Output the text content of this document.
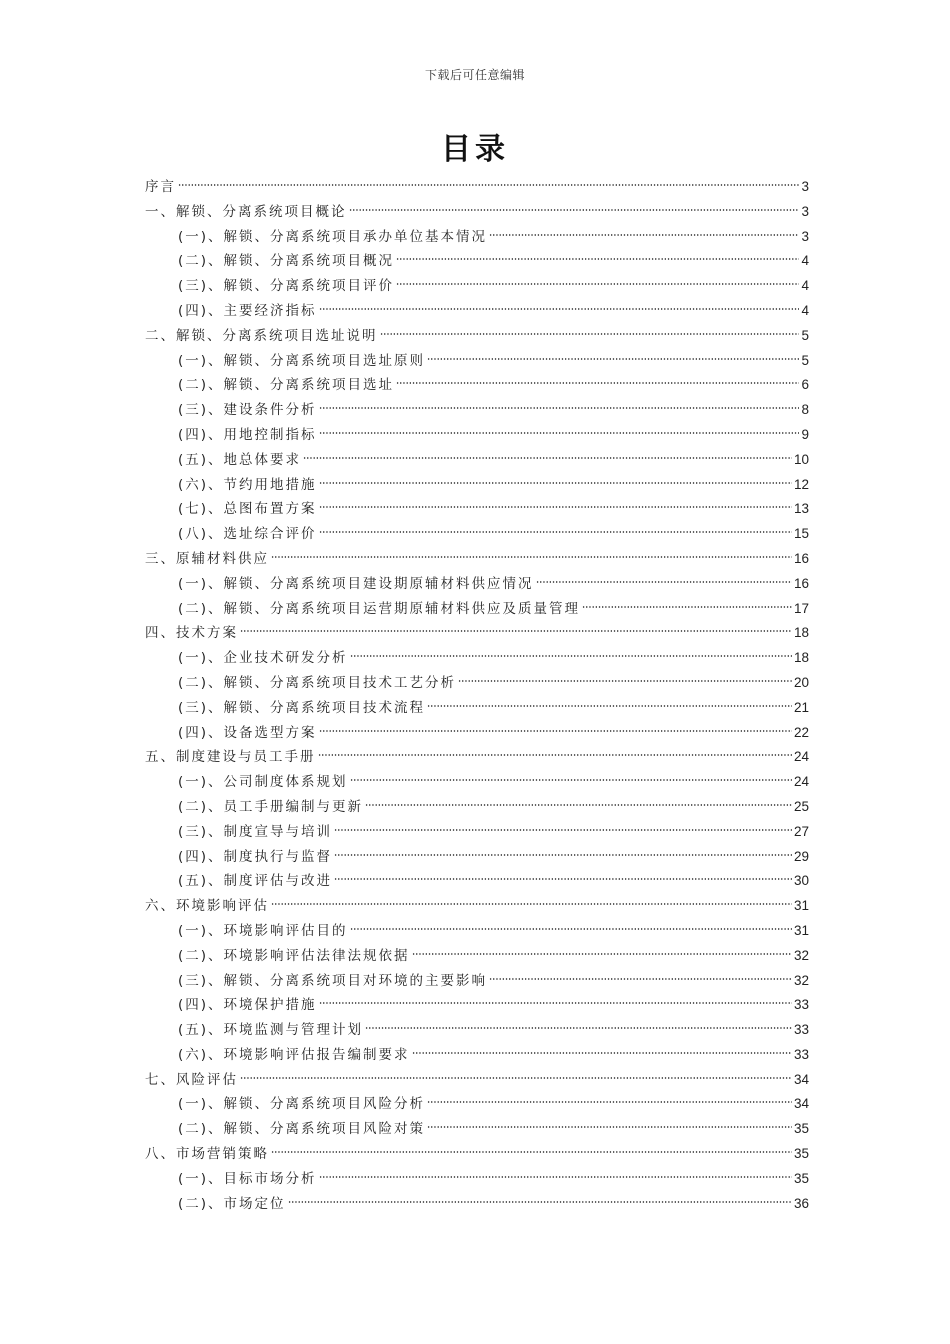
下载后可任意编辑
目录
序言	3
一、解锁、分离系统项目概论	3
(一)、解锁、分离系统项目承办单位基本情况	3
(二)、解锁、分离系统项目概况	4
(三)、解锁、分离系统项目评价	4
(四)、主要经济指标	4
二、解锁、分离系统项目选址说明	5
(一)、解锁、分离系统项目选址原则	5
(二)、解锁、分离系统项目选址	6
(三)、建设条件分析	8
(四)、用地控制指标	9
(五)、地总体要求	10
(六)、节约用地措施	12
(七)、总图布置方案	13
(八)、选址综合评价	15
三、原辅材料供应	16
(一)、解锁、分离系统项目建设期原辅材料供应情况	16
(二)、解锁、分离系统项目运营期原辅材料供应及质量管理	17
四、技术方案	18
(一)、企业技术研发分析	18
(二)、解锁、分离系统项目技术工艺分析	20
(三)、解锁、分离系统项目技术流程	21
(四)、设备选型方案	22
五、制度建设与员工手册	24
(一)、公司制度体系规划	24
(二)、员工手册编制与更新	25
(三)、制度宣导与培训	27
(四)、制度执行与监督	29
(五)、制度评估与改进	30
六、环境影响评估	31
(一)、环境影响评估目的	31
(二)、环境影响评估法律法规依据	32
(三)、解锁、分离系统项目对环境的主要影响	32
(四)、环境保护措施	33
(五)、环境监测与管理计划	33
(六)、环境影响评估报告编制要求	33
七、风险评估	34
(一)、解锁、分离系统项目风险分析	34
(二)、解锁、分离系统项目风险对策	35
八、市场营销策略	35
(一)、目标市场分析	35
(二)、市场定位	36
